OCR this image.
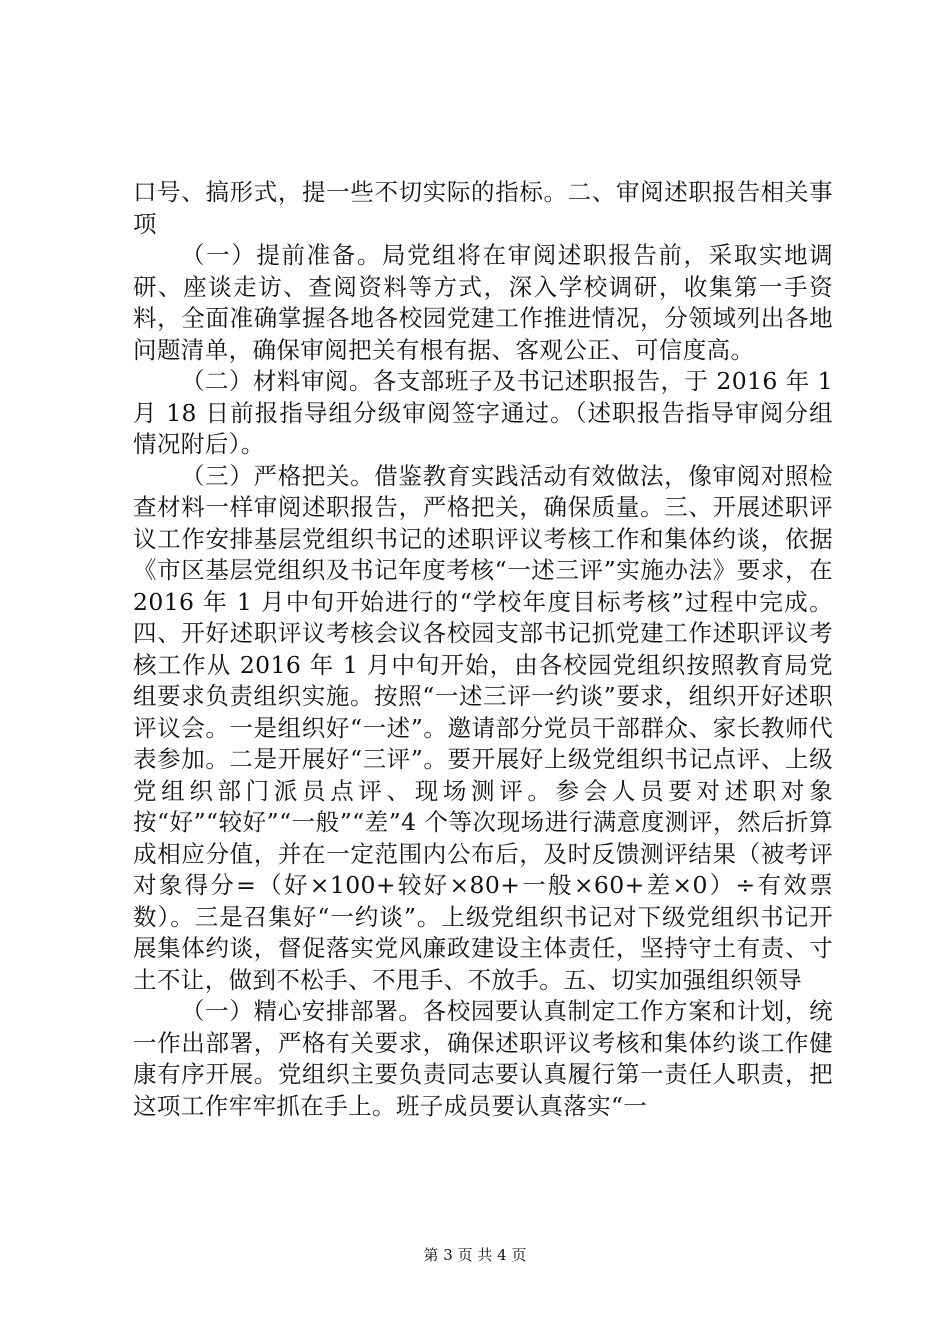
口号、搞形式，提一些不切实际的指标。二、审阅述职报告相关事项

（一）提前准备。局党组将在审阅述职报告前，采取实地调研、座谈走访、查阅资料等方式，深入学校调研，收集第一手资料，全面准确掌握各地各校园党建工作推进情况，分领域列出各地问题清单，确保审阅把关有根有据、客观公正、可信度高。

（二）材料审阅。各支部班子及书记述职报告，于 2016 年 1 月 18 日前报指导组分级审阅签字通过。（述职报告指导审阅分组情况附后）。

（三）严格把关。借鉴教育实践活动有效做法，像审阅对照检查材料一样审阅述职报告，严格把关，确保质量。三、开展述职评议工作安排基层党组织书记的述职评议考核工作和集体约谈，依据《市区基层党组织及书记年度考核“一述三评”实施办法》要求，在 2016 年 1 月中旬开始进行的“学校年度目标考核”过程中完成。四、开好述职评议考核会议各校园支部书记抓党建工作述职评议考核工作从 2016 年 1 月中旬开始，由各校园党组织按照教育局党组要求负责组织实施。按照“一述三评一约谈”要求，组织开好述职评议会。一是组织好“一述”。邀请部分党员干部群众、家长教师代表参加。二是开展好“三评”。要开展好上级党组织书记点评、上级党组织部门派员点评、现场测评。参会人员要对述职对象按“好”“较好”“一般”“差”4 个等次现场进行满意度测评，然后折算成相应分值，并在一定范围内公布后，及时反馈测评结果（被考评对象得分=（好×100+较好×80+一般×60+差×0）÷有效票数）。三是召集好“一约谈”。上级党组织书记对下级党组织书记开展集体约谈，督促落实党风廉政建设主体责任，坚持守土有责、寸土不让，做到不松手、不甩手、不放手。五、切实加强组织领导

（一）精心安排部署。各校园要认真制定工作方案和计划，统一作出部署，严格有关要求，确保述职评议考核和集体约谈工作健康有序开展。党组织主要负责同志要认真履行第一责任人职责，把这项工作牢牢抓在手上。班子成员要认真落实“一

第 3 页 共 4 页
